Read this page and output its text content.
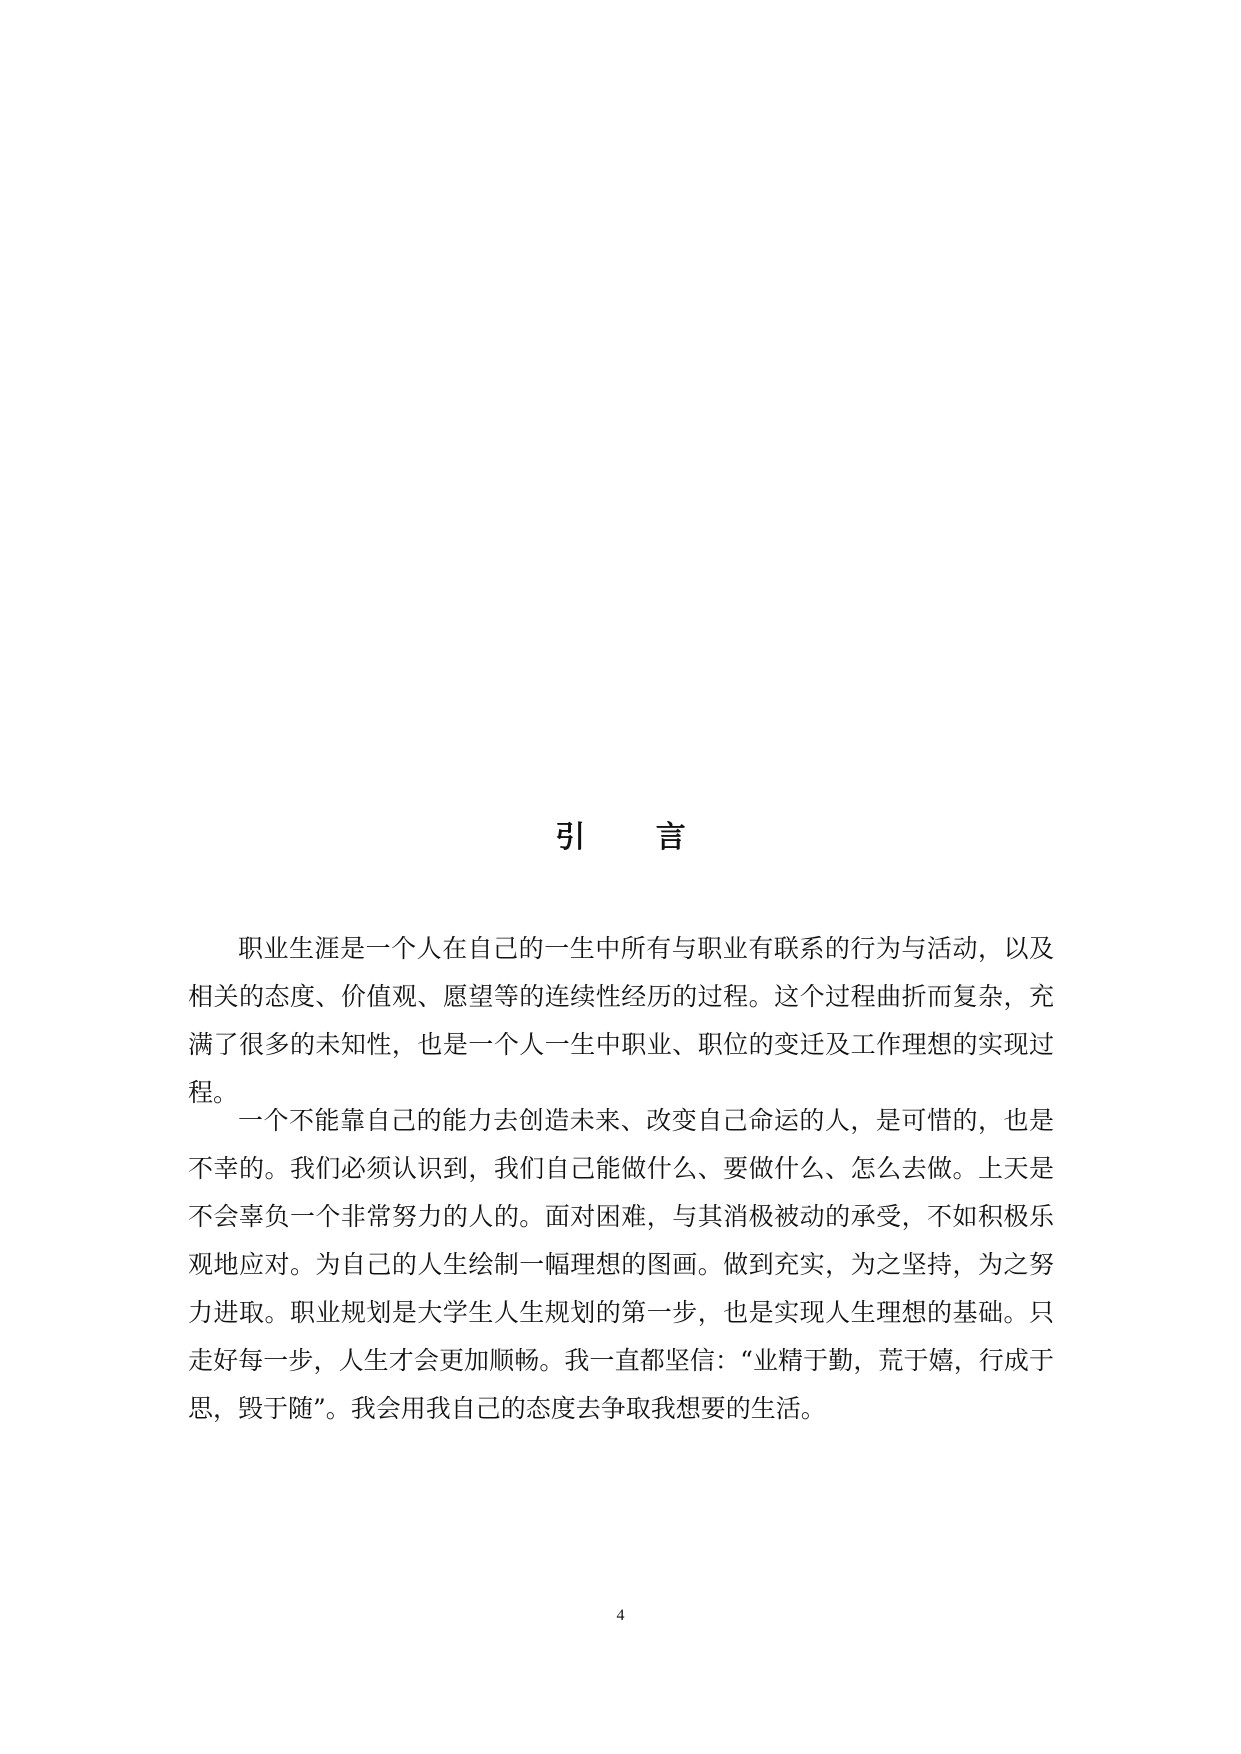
引 言

职业生涯是一个人在自己的一生中所有与职业有联系的行为与活动，以及相关的态度、价值观、愿望等的连续性经历的过程。这个过程曲折而复杂，充满了很多的未知性，也是一个人一生中职业、职位的变迁及工作理想的实现过程。

一个不能靠自己的能力去创造未来、改变自己命运的人，是可惜的，也是不幸的。我们必须认识到，我们自己能做什么、要做什么、怎么去做。上天是不会辜负一个非常努力的人的。面对困难，与其消极被动的承受，不如积极乐观地应对。为自己的人生绘制一幅理想的图画。做到充实，为之坚持，为之努力进取。职业规划是大学生人生规划的第一步，也是实现人生理想的基础。只走好每一步，人生才会更加顺畅。我一直都坚信：“业精于勤，荒于嬉，行成于思，毁于随”。我会用我自己的态度去争取我想要的生活。

4
